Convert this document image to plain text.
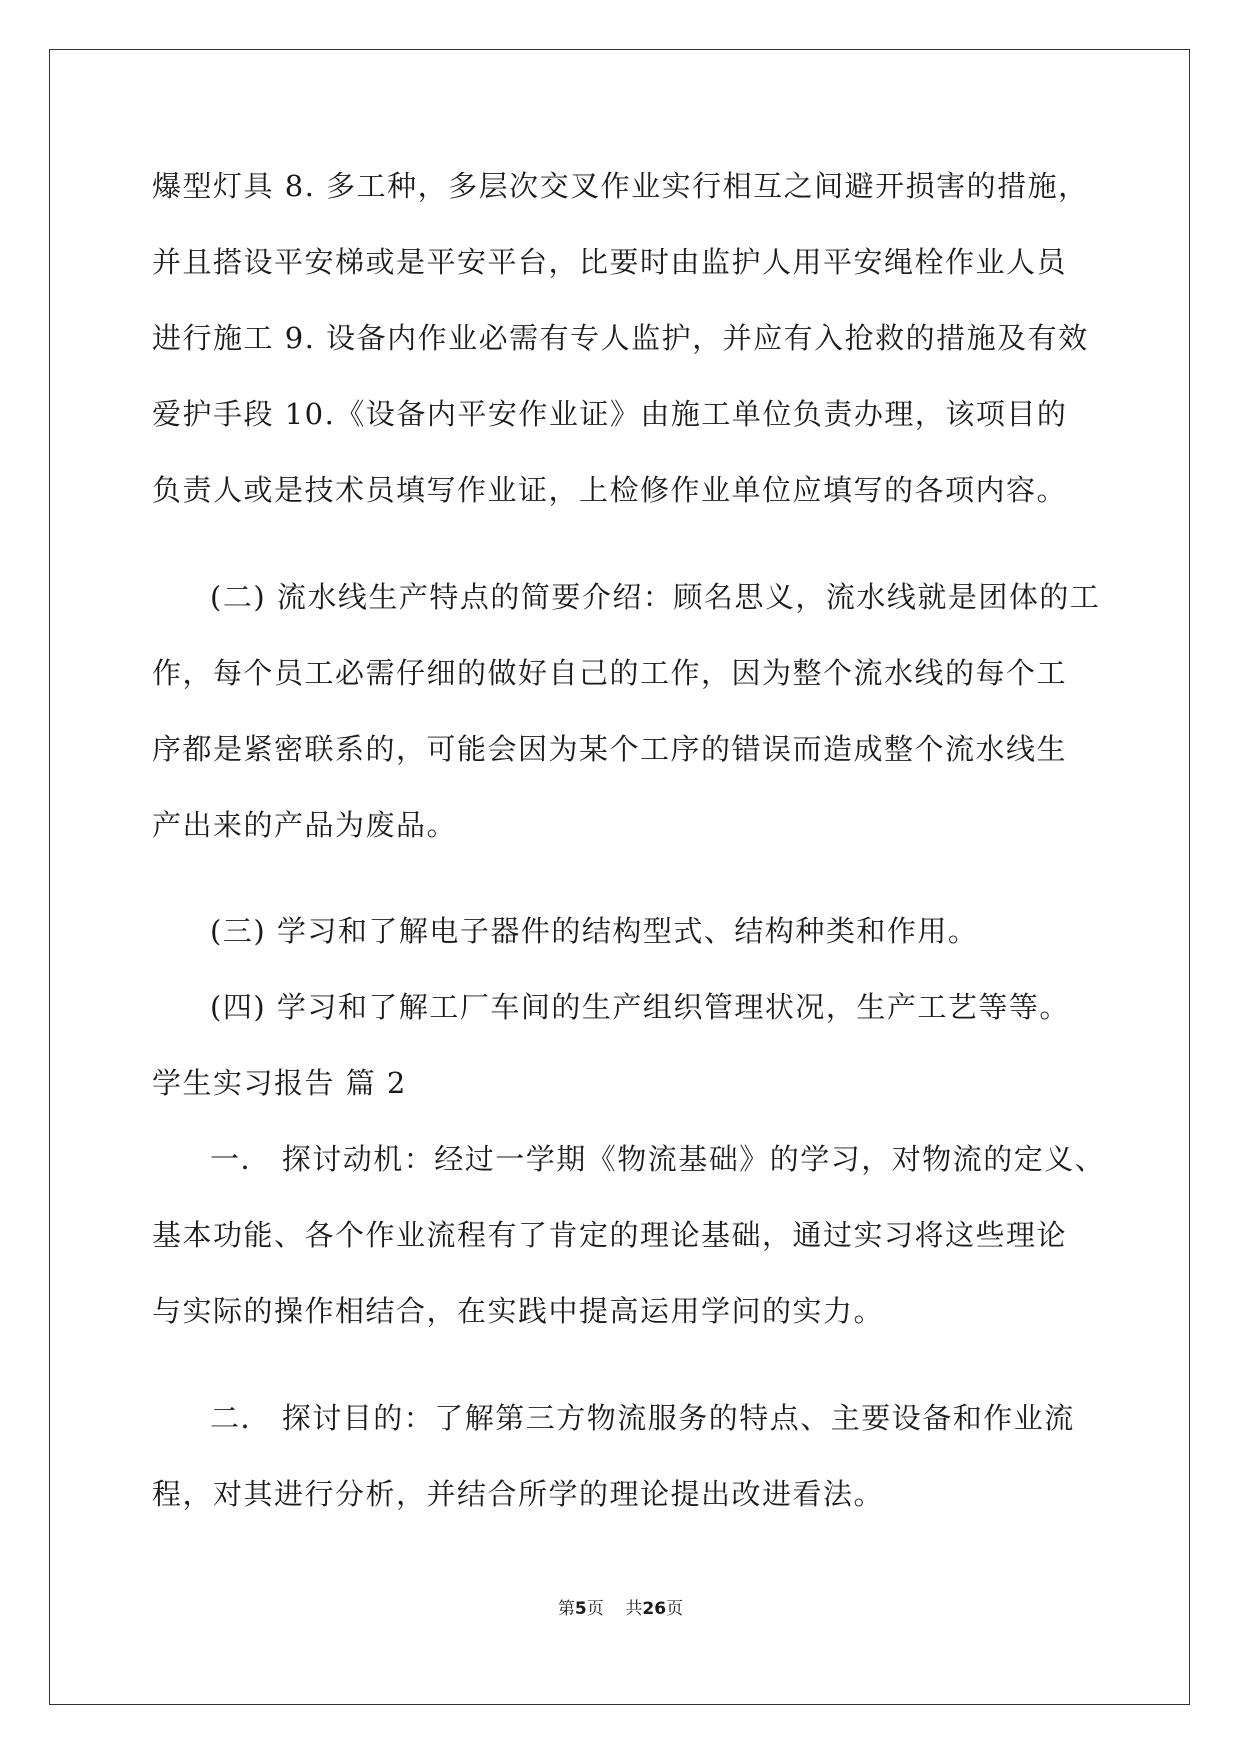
爆型灯具 8. 多工种，多层次交叉作业实行相互之间避开损害的措施，
并且搭设平安梯或是平安平台，比要时由监护人用平安绳栓作业人员
进行施工 9. 设备内作业必需有专人监护，并应有入抢救的措施及有效
爱护手段 10.《设备内平安作业证》由施工单位负责办理，该项目的
负责人或是技术员填写作业证，上检修作业单位应填写的各项内容。
(二) 流水线生产特点的简要介绍：顾名思义，流水线就是团体的工
作，每个员工必需仔细的做好自己的工作，因为整个流水线的每个工
序都是紧密联系的，可能会因为某个工序的错误而造成整个流水线生
产出来的产品为废品。
(三) 学习和了解电子器件的结构型式、结构种类和作用。
(四) 学习和了解工厂车间的生产组织管理状况，生产工艺等等。
学生实习报告 篇 2
一． 探讨动机：经过一学期《物流基础》的学习，对物流的定义、
基本功能、各个作业流程有了肯定的理论基础，通过实习将这些理论
与实际的操作相结合，在实践中提高运用学问的实力。
二． 探讨目的：了解第三方物流服务的特点、主要设备和作业流
程，对其进行分析，并结合所学的理论提出改进看法。
第5页    共26页
